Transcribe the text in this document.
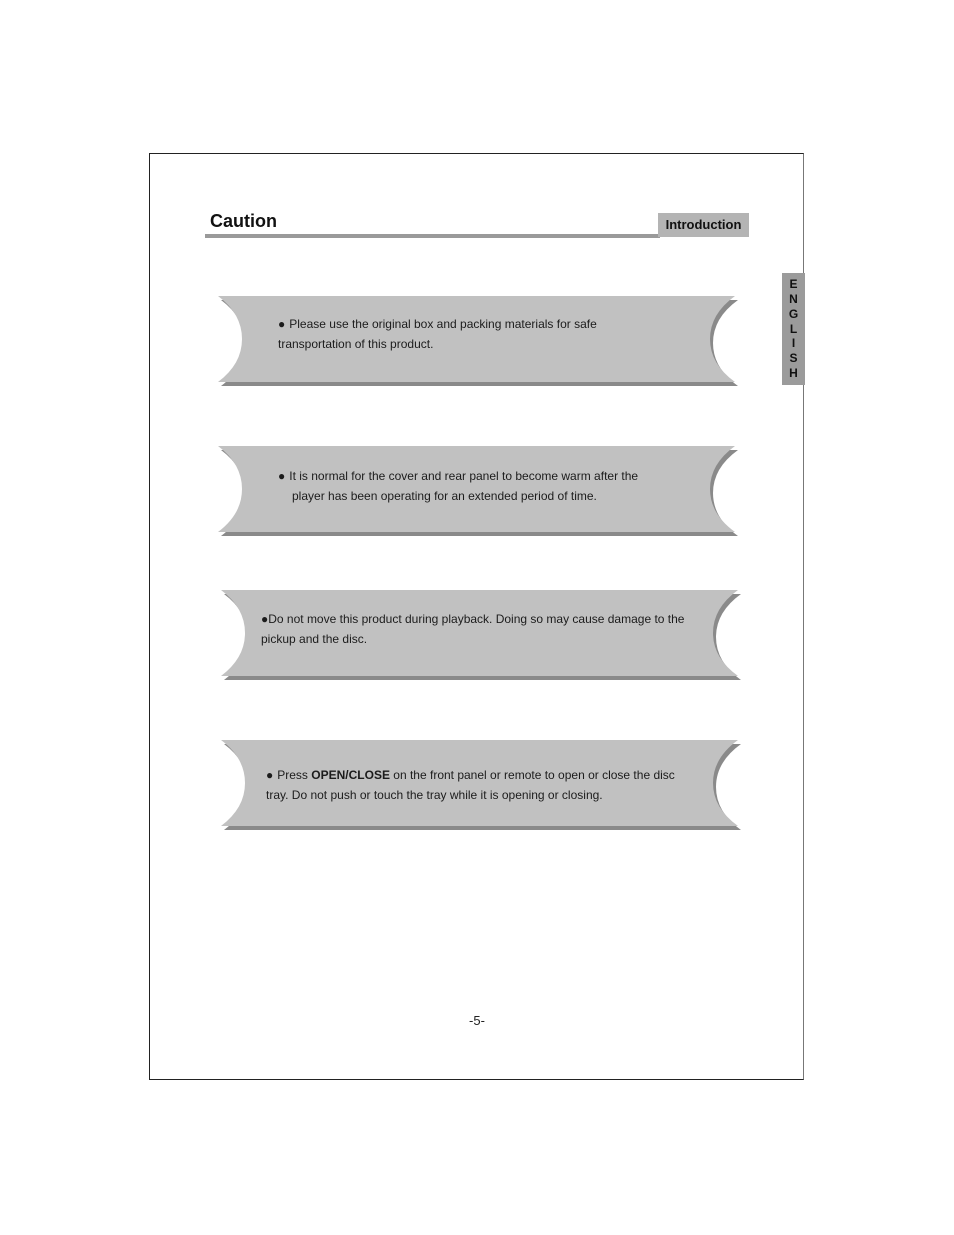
Caution	Introduction
E
N
G
L
I
S
H
● Please use the original box and packing materials for safe transportation of this product.
● It is normal for the cover and rear panel to become warm after the player has been operating for an extended period of time.
●Do not move this product during playback. Doing so may cause damage to the pickup and the disc.
● Press OPEN/CLOSE on the front panel or remote to open or close the disc tray. Do not push or touch the tray while it is opening or closing.
-5-
